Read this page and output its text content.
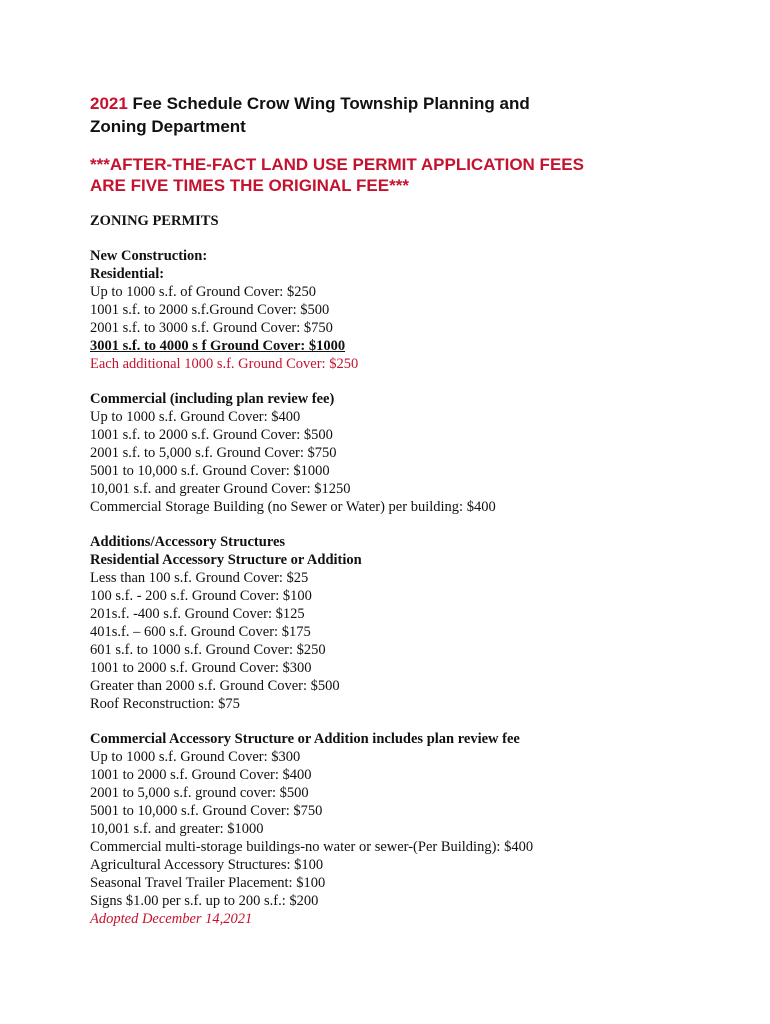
2021 Fee Schedule Crow Wing Township Planning and
Zoning Department
***AFTER-THE-FACT LAND USE PERMIT APPLICATION FEES
ARE FIVE TIMES THE ORIGINAL FEE***
ZONING PERMITS
New Construction:
Residential:
Up to 1000 s.f. of Ground Cover: $250
1001 s.f. to 2000 s.f.Ground Cover: $500
2001 s.f. to 3000 s.f. Ground Cover: $750
3001 s.f. to 4000 s f Ground Cover: $1000
Each additional 1000 s.f. Ground Cover: $250
Commercial (including plan review fee)
Up to 1000 s.f. Ground Cover: $400
1001 s.f. to 2000 s.f. Ground Cover: $500
2001 s.f. to 5,000 s.f. Ground Cover: $750
5001 to 10,000 s.f. Ground Cover: $1000
10,001 s.f. and greater Ground Cover: $1250
Commercial Storage Building (no Sewer or Water) per building: $400
Additions/Accessory Structures
Residential Accessory Structure or Addition
Less than 100 s.f. Ground Cover: $25
100 s.f. - 200 s.f. Ground Cover: $100
201s.f. -400 s.f. Ground Cover: $125
401s.f. – 600 s.f. Ground Cover: $175
601 s.f. to 1000 s.f. Ground Cover: $250
1001 to 2000 s.f. Ground Cover: $300
Greater than 2000 s.f. Ground Cover: $500
Roof Reconstruction: $75
Commercial Accessory Structure or Addition includes plan review fee
Up to 1000 s.f. Ground Cover: $300
1001 to 2000 s.f. Ground Cover: $400
2001 to 5,000 s.f. ground cover: $500
5001 to 10,000 s.f. Ground Cover: $750
10,001 s.f. and greater: $1000
Commercial multi-storage buildings-no water or sewer-(Per Building): $400
Agricultural Accessory Structures: $100
Seasonal Travel Trailer Placement: $100
Signs $1.00 per s.f. up to 200 s.f.: $200
Adopted December 14,2021
